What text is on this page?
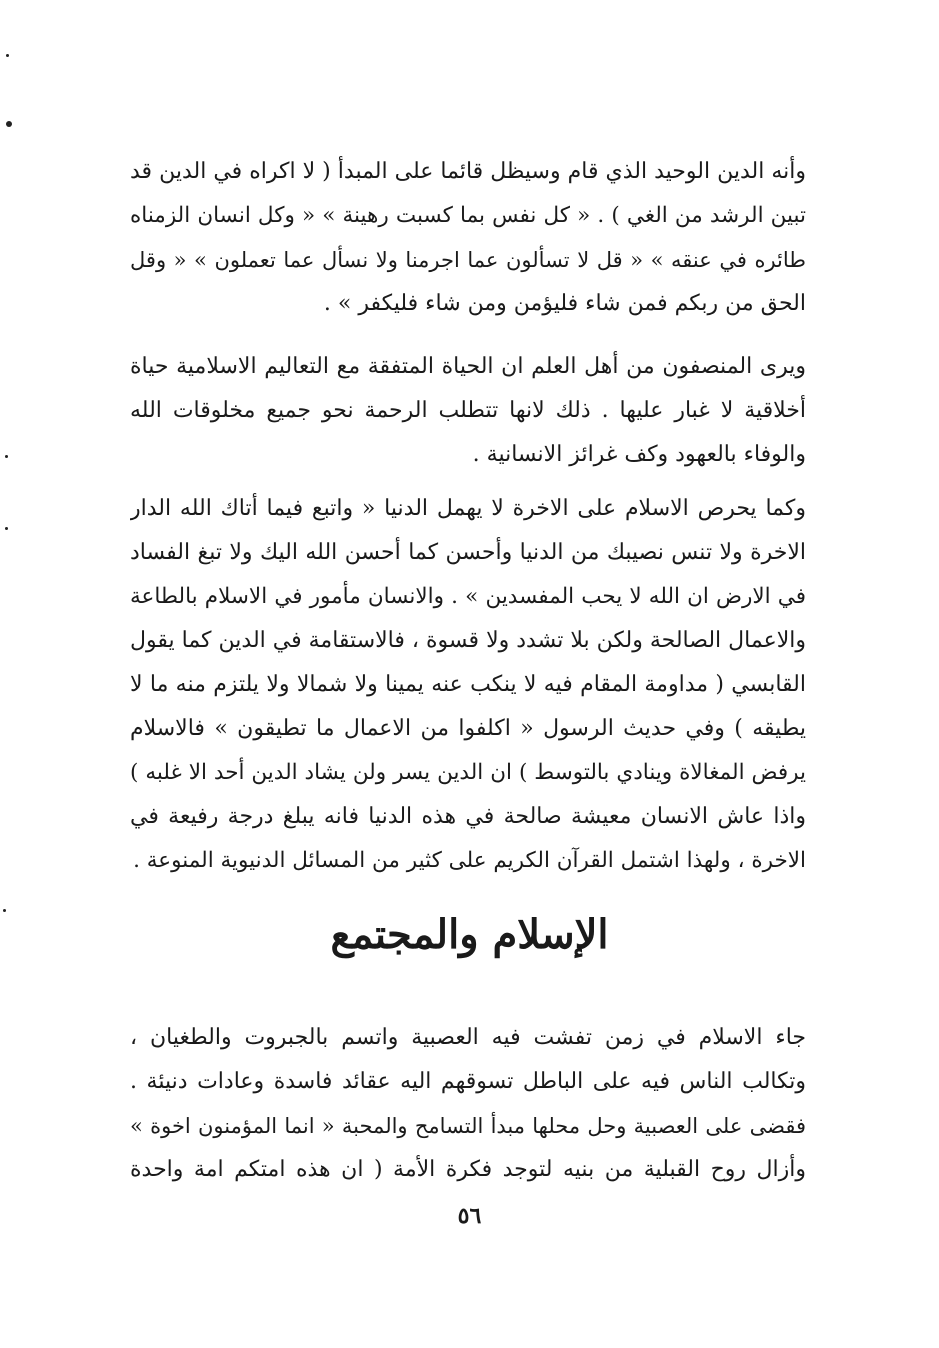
وأنه الدين الوحيد الذي قام وسيظل قائما على المبدأ ( لا اكراه في الدين قد
تبين الرشد من الغي ) . « كل نفس بما كسبت رهينة » « وكل انسان الزمناه
طائره في عنقه » « قل لا تسألون عما اجرمنا ولا نسأل عما تعملون » « وقل
الحق من ربكم فمن شاء فليؤمن ومن شاء فليكفر » .
ويرى المنصفون من أهل العلم ان الحياة المتفقة مع التعاليم الاسلامية حياة
أخلاقية لا غبار عليها . ذلك لانها تتطلب الرحمة نحو جميع مخلوقات الله
والوفاء بالعهود وكف غرائز الانسانية .
وكما يحرص الاسلام على الاخرة لا يهمل الدنيا « واتبع فيما أتاك الله الدار
الاخرة ولا تنس نصيبك من الدنيا وأحسن كما أحسن الله اليك ولا تبغ الفساد
في الارض ان الله لا يحب المفسدين » . والانسان مأمور في الاسلام بالطاعة
والاعمال الصالحة ولكن بلا تشدد ولا قسوة ، فالاستقامة في الدين كما يقول
القابسي ( مداومة المقام فيه لا ينكب عنه يمينا ولا شمالا ولا يلتزم منه ما لا
يطيقه ) وفي حديث الرسول « اكلفوا من الاعمال ما تطيقون » فالاسلام
يرفض المغالاة وينادي بالتوسط ) ان الدين يسر ولن يشاد الدين أحد الا غلبه )
واذا عاش الانسان معيشة صالحة في هذه الدنيا فانه يبلغ درجة رفيعة في
الاخرة ، ولهذا اشتمل القرآن الكريم على كثير من المسائل الدنيوية المنوعة .
الإسلام والمجتمع
جاء الاسلام في زمن تفشت فيه العصبية واتسم بالجبروت والطغيان ،
وتكالب الناس فيه على الباطل تسوقهم اليه عقائد فاسدة وعادات دنيئة .
فقضى على العصبية وحل محلها مبدأ التسامح والمحبة « انما المؤمنون اخوة »
وأزال روح القبلية من بنيه لتوجد فكرة الأمة ( ان هذه امتكم امة واحدة
٥٦
